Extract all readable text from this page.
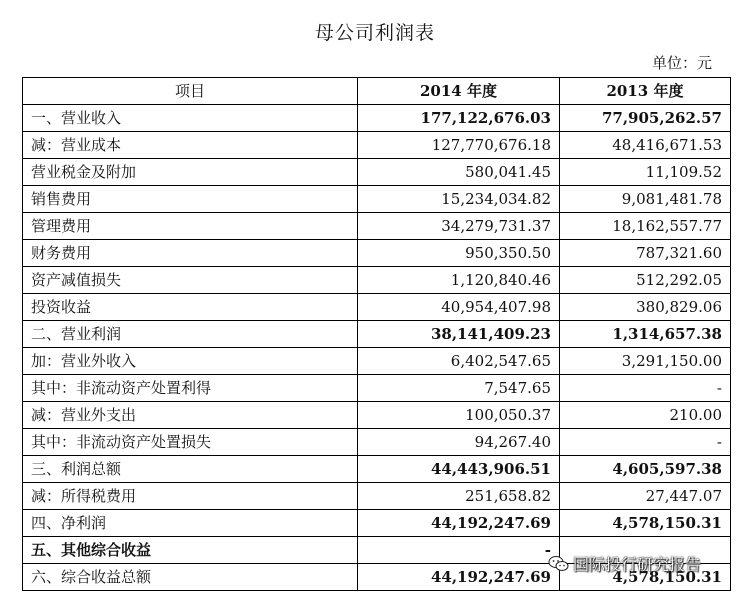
母公司利润表
单位：元
项目	2014 年度	2013 年度
一、营业收入	177,122,676.03	77,905,262.57
减：营业成本	127,770,676.18	48,416,671.53
营业税金及附加	580,041.45	11,109.52
销售费用	15,234,034.82	9,081,481.78
管理费用	34,279,731.37	18,162,557.77
财务费用	950,350.50	787,321.60
资产减值损失	1,120,840.46	512,292.05
投资收益	40,954,407.98	380,829.06
二、营业利润	38,141,409.23	1,314,657.38
加：营业外收入	6,402,547.65	3,291,150.00
其中：非流动资产处置利得	7,547.65	-
减：营业外支出	100,050.37	210.00
其中：非流动资产处置损失	94,267.40	-
三、利润总额	44,443,906.51	4,605,597.38
减：所得税费用	251,658.82	27,447.07
四、净利润	44,192,247.69	4,578,150.31
五、其他综合收益	-	
六、综合收益总额	44,192,247.69	4,578,150.31
国际投行研究报告
